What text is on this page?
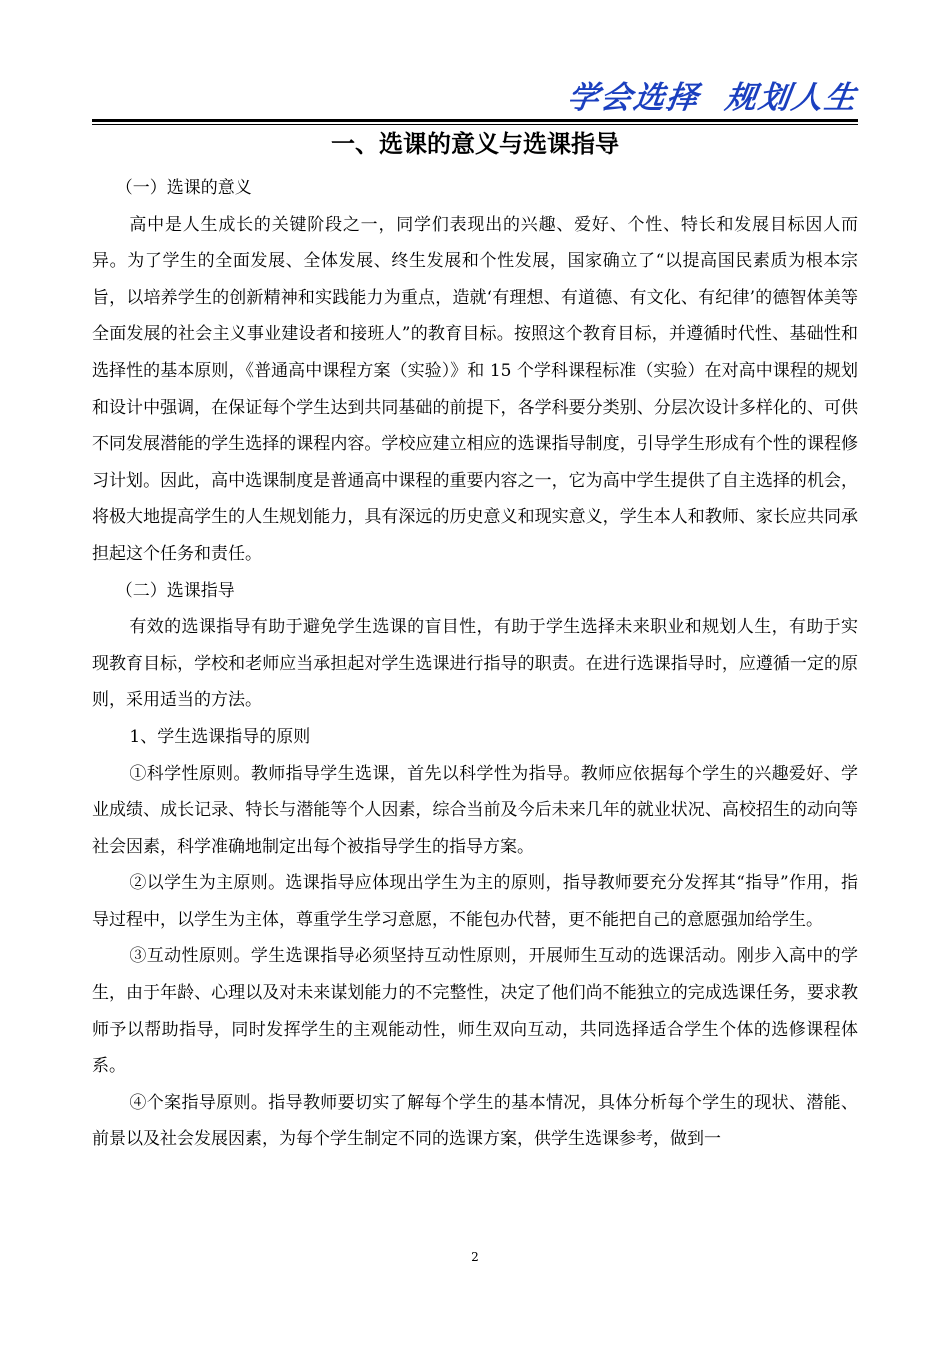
学会选择 规划人生
一、选课的意义与选课指导

（一）选课的意义

高中是人生成长的关键阶段之一，同学们表现出的兴趣、爱好、个性、特长和发展目标因人而异。为了学生的全面发展、全体发展、终生发展和个性发展，国家确立了“以提高国民素质为根本宗旨，以培养学生的创新精神和实践能力为重点，造就‘有理想、有道德、有文化、有纪律’的德智体美等全面发展的社会主义事业建设者和接班人”的教育目标。按照这个教育目标，并遵循时代性、基础性和选择性的基本原则，《普通高中课程方案（实验）》和 15 个学科课程标准（实验）在对高中课程的规划和设计中强调，在保证每个学生达到共同基础的前提下，各学科要分类别、分层次设计多样化的、可供不同发展潜能的学生选择的课程内容。学校应建立相应的选课指导制度，引导学生形成有个性的课程修习计划。因此，高中选课制度是普通高中课程的重要内容之一，它为高中学生提供了自主选择的机会，将极大地提高学生的人生规划能力，具有深远的历史意义和现实意义，学生本人和教师、家长应共同承担起这个任务和责任。

（二）选课指导

有效的选课指导有助于避免学生选课的盲目性，有助于学生选择未来职业和规划人生，有助于实现教育目标，学校和老师应当承担起对学生选课进行指导的职责。在进行选课指导时，应遵循一定的原则，采用适当的方法。

1、学生选课指导的原则

①科学性原则。教师指导学生选课，首先以科学性为指导。教师应依据每个学生的兴趣爱好、学业成绩、成长记录、特长与潜能等个人因素，综合当前及今后未来几年的就业状况、高校招生的动向等社会因素，科学准确地制定出每个被指导学生的指导方案。

②以学生为主原则。选课指导应体现出学生为主的原则，指导教师要充分发挥其“指导”作用，指导过程中，以学生为主体，尊重学生学习意愿，不能包办代替，更不能把自己的意愿强加给学生。

③互动性原则。学生选课指导必须坚持互动性原则，开展师生互动的选课活动。刚步入高中的学生，由于年龄、心理以及对未来谋划能力的不完整性，决定了他们尚不能独立的完成选课任务，要求教师予以帮助指导，同时发挥学生的主观能动性，师生双向互动，共同选择适合学生个体的选修课程体系。

④个案指导原则。指导教师要切实了解每个学生的基本情况，具体分析每个学生的现状、潜能、前景以及社会发展因素，为每个学生制定不同的选课方案，供学生选课参考，做到一

2
